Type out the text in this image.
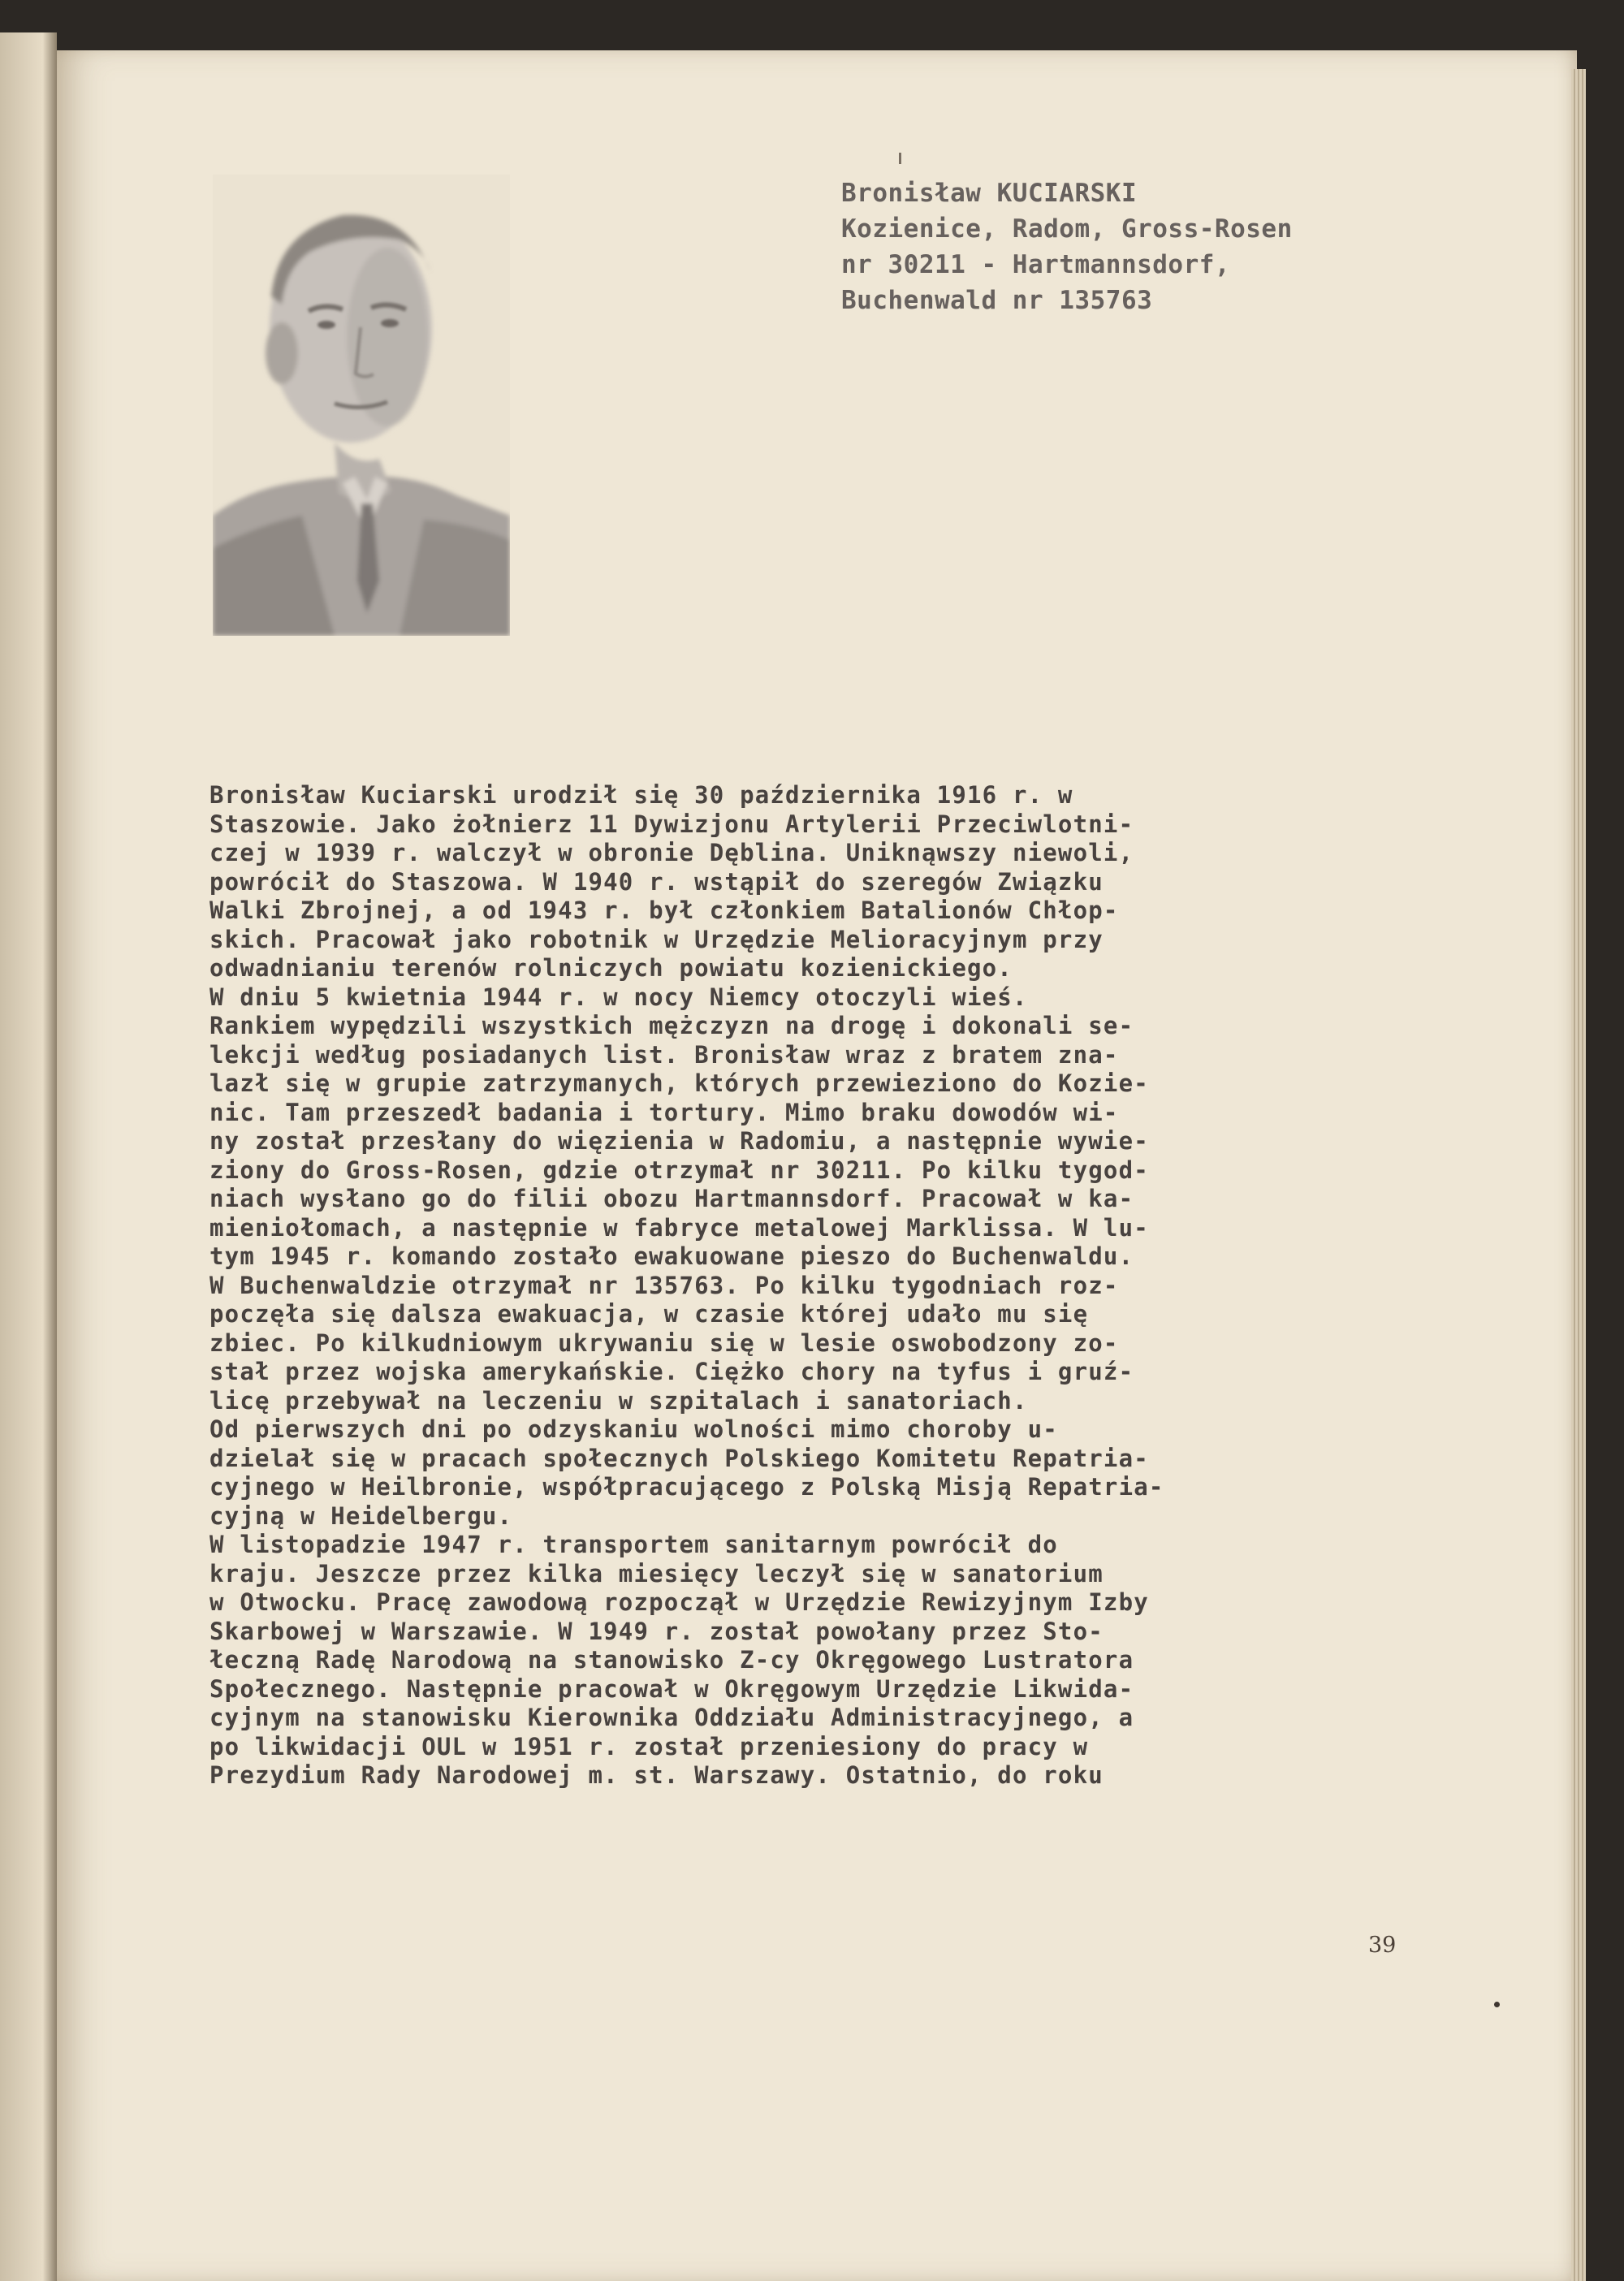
Bronisław KUCIARSKI
Kozienice, Radom, Gross-Rosen
nr 30211 - Hartmannsdorf,
Buchenwald nr 135763
Bronisław Kuciarski urodził się 30 października 1916 r. w
Staszowie. Jako żołnierz 11 Dywizjonu Artylerii Przeciwlotni-
czej w 1939 r. walczył w obronie Dęblina. Uniknąwszy niewoli,
powrócił do Staszowa. W 1940 r. wstąpił do szeregów Związku
Walki Zbrojnej, a od 1943 r. był członkiem Batalionów Chłop-
skich. Pracował jako robotnik w Urzędzie Melioracyjnym przy
odwadnianiu terenów rolniczych powiatu kozienickiego.
W dniu 5 kwietnia 1944 r. w nocy Niemcy otoczyli wieś.
Rankiem wypędzili wszystkich mężczyzn na drogę i dokonali se-
lekcji według posiadanych list. Bronisław wraz z bratem zna-
lazł się w grupie zatrzymanych, których przewieziono do Kozie-
nic. Tam przeszedł badania i tortury. Mimo braku dowodów wi-
ny został przesłany do więzienia w Radomiu, a następnie wywie-
ziony do Gross-Rosen, gdzie otrzymał nr 30211. Po kilku tygod-
niach wysłano go do filii obozu Hartmannsdorf. Pracował w ka-
mieniołomach, a następnie w fabryce metalowej Marklissa. W lu-
tym 1945 r. komando zostało ewakuowane pieszo do Buchenwaldu.
W Buchenwaldzie otrzymał nr 135763. Po kilku tygodniach roz-
poczęła się dalsza ewakuacja, w czasie której udało mu się
zbiec. Po kilkudniowym ukrywaniu się w lesie oswobodzony zo-
stał przez wojska amerykańskie. Ciężko chory na tyfus i gruź-
licę przebywał na leczeniu w szpitalach i sanatoriach.
Od pierwszych dni po odzyskaniu wolności mimo choroby u-
dzielał się w pracach społecznych Polskiego Komitetu Repatria-
cyjnego w Heilbronie, współpracującego z Polską Misją Repatria-
cyjną w Heidelbergu.
W listopadzie 1947 r. transportem sanitarnym powrócił do
kraju. Jeszcze przez kilka miesięcy leczył się w sanatorium
w Otwocku. Pracę zawodową rozpoczął w Urzędzie Rewizyjnym Izby
Skarbowej w Warszawie. W 1949 r. został powołany przez Sto-
łeczną Radę Narodową na stanowisko Z-cy Okręgowego Lustratora
Społecznego. Następnie pracował w Okręgowym Urzędzie Likwida-
cyjnym na stanowisku Kierownika Oddziału Administracyjnego, a
po likwidacji OUL w 1951 r. został przeniesiony do pracy w
Prezydium Rady Narodowej m. st. Warszawy. Ostatnio, do roku
39
